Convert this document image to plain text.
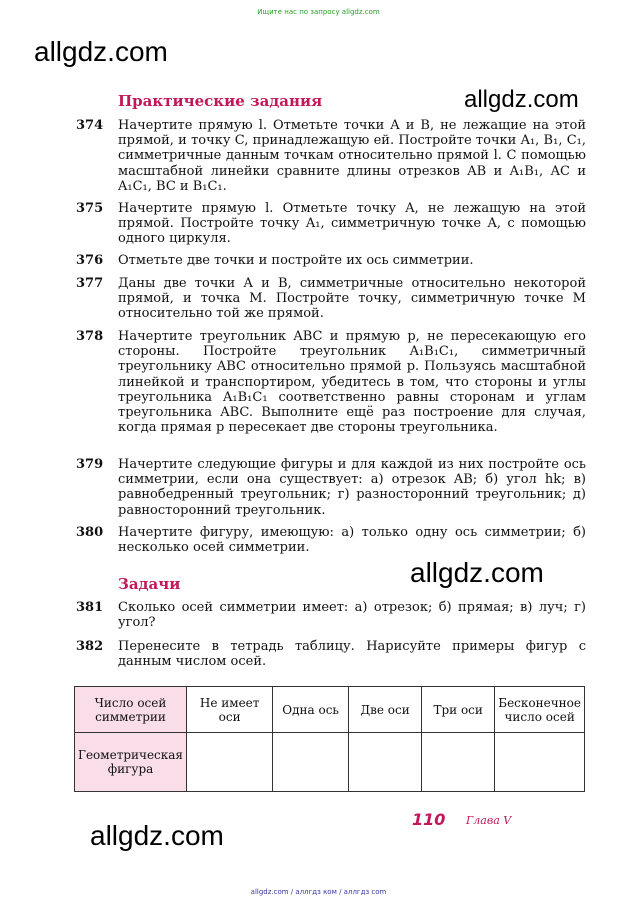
Ищите нас по запросу allgdz.com
allgdz.com
allgdz.com
allgdz.com
allgdz.com
Практические задания
374 Начертите прямую l. Отметьте точки A и B, не лежащие на этой прямой, и точку C, принадлежащую ей. Постройте точки A₁, B₁, C₁, симметричные данным точкам относительно прямой l. С помощью масштабной линейки сравните длины отрезков AB и A₁B₁, AC и A₁C₁, BC и B₁C₁.
375 Начертите прямую l. Отметьте точку A, не лежащую на этой прямой. Постройте точку A₁, симметричную точке A, с помощью одного циркуля.
376 Отметьте две точки и постройте их ось симметрии.
377 Даны две точки A и B, симметричные относительно некоторой прямой, и точка M. Постройте точку, симметричную точке M относительно той же прямой.
378 Начертите треугольник ABC и прямую p, не пересекающую его стороны. Постройте треугольник A₁B₁C₁, симметричный треугольнику ABC относительно прямой p. Пользуясь масштабной линейкой и транспортиром, убедитесь в том, что стороны и углы треугольника A₁B₁C₁ соответственно равны сторонам и углам треугольника ABC. Выполните ещё раз построение для случая, когда прямая p пересекает две стороны треугольника.
379 Начертите следующие фигуры и для каждой из них постройте ось симметрии, если она существует: а) отрезок AB; б) угол hk; в) равнобедренный треугольник; г) разносторонний треугольник; д) равносторонний треугольник.
380 Начертите фигуру, имеющую: а) только одну ось симметрии; б) несколько осей симметрии.
Задачи
381 Сколько осей симметрии имеет: а) отрезок; б) прямая; в) луч; г) угол?
382 Перенесите в тетрадь таблицу. Нарисуйте примеры фигур с данным числом осей.
Число осей симметрии	Не имеет оси	Одна ось	Две оси	Три оси	Бесконечное число осей
Геометрическая фигура					
110 Глава V
allgdz.com / аллгдз ком / аллгдз com
